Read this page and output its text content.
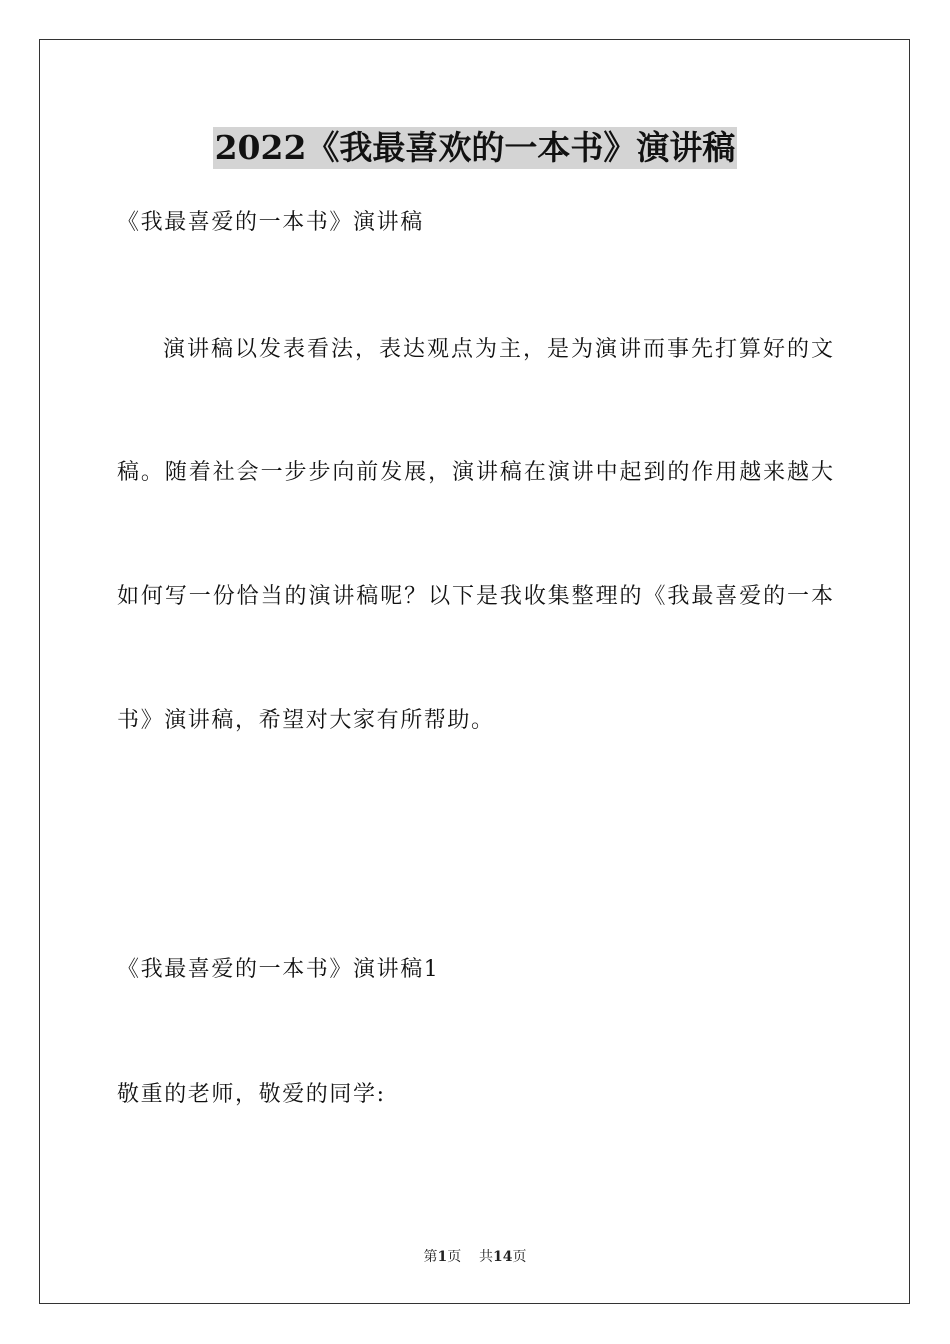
2022《我最喜欢的一本书》演讲稿
《我最喜爱的一本书》演讲稿
演讲稿以发表看法，表达观点为主，是为演讲而事先打算好的文
稿。随着社会一步步向前发展，演讲稿在演讲中起到的作用越来越大
如何写一份恰当的演讲稿呢？以下是我收集整理的《我最喜爱的一本
书》演讲稿，希望对大家有所帮助。
《我最喜爱的一本书》演讲稿1
敬重的老师，敬爱的同学:
第1页 共14页
